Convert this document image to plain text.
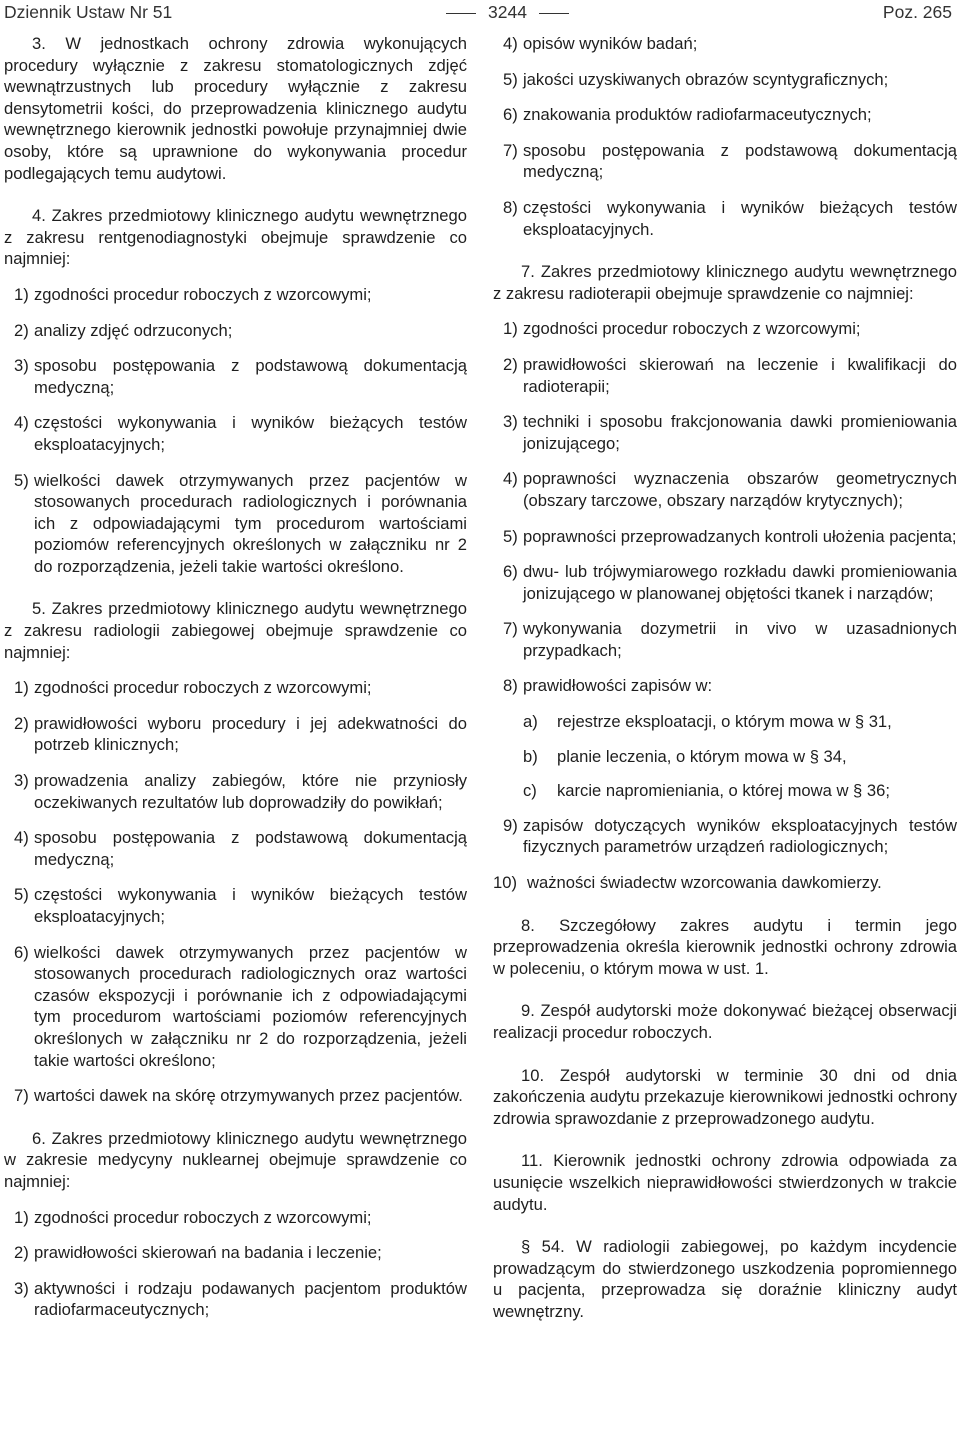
Dziennik Ustaw Nr 51	3244	Poz. 265

3. W jednostkach ochrony zdrowia wykonujących procedury wyłącznie z zakresu stomatologicznych zdjęć wewnątrzustnych lub procedury wyłącznie z zakresu densytometrii kości, do przeprowadzenia klinicznego audytu wewnętrznego kierownik jednostki powołuje przynajmniej dwie osoby, które są uprawnione do wykonywania procedur podlegających temu audytowi.

4. Zakres przedmiotowy klinicznego audytu wewnętrznego z zakresu rentgenodiagnostyki obejmuje sprawdzenie co najmniej:

1) zgodności procedur roboczych z wzorcowymi;
2) analizy zdjęć odrzuconych;
3) sposobu postępowania z podstawową dokumentacją medyczną;
4) częstości wykonywania i wyników bieżących testów eksploatacyjnych;
5) wielkości dawek otrzymywanych przez pacjentów w stosowanych procedurach radiologicznych i porównania ich z odpowiadającymi tym procedurom wartościami poziomów referencyjnych określonych w załączniku nr 2 do rozporządzenia, jeżeli takie wartości określono.

5. Zakres przedmiotowy klinicznego audytu wewnętrznego z zakresu radiologii zabiegowej obejmuje sprawdzenie co najmniej:

1) zgodności procedur roboczych z wzorcowymi;
2) prawidłowości wyboru procedury i jej adekwatności do potrzeb klinicznych;
3) prowadzenia analizy zabiegów, które nie przyniosły oczekiwanych rezultatów lub doprowadziły do powikłań;
4) sposobu postępowania z podstawową dokumentacją medyczną;
5) częstości wykonywania i wyników bieżących testów eksploatacyjnych;
6) wielkości dawek otrzymywanych przez pacjentów w stosowanych procedurach radiologicznych oraz wartości czasów ekspozycji i porównanie ich z odpowiadającymi tym procedurom wartościami poziomów referencyjnych określonych w załączniku nr 2 do rozporządzenia, jeżeli takie wartości określono;
7) wartości dawek na skórę otrzymywanych przez pacjentów.

6. Zakres przedmiotowy klinicznego audytu wewnętrznego w zakresie medycyny nuklearnej obejmuje sprawdzenie co najmniej:

1) zgodności procedur roboczych z wzorcowymi;
2) prawidłowości skierowań na badania i leczenie;
3) aktywności i rodzaju podawanych pacjentom produktów radiofarmaceutycznych;
4) opisów wyników badań;
5) jakości uzyskiwanych obrazów scyntygraficznych;
6) znakowania produktów radiofarmaceutycznych;
7) sposobu postępowania z podstawową dokumentacją medyczną;
8) częstości wykonywania i wyników bieżących testów eksploatacyjnych.

7. Zakres przedmiotowy klinicznego audytu wewnętrznego z zakresu radioterapii obejmuje sprawdzenie co najmniej:

1) zgodności procedur roboczych z wzorcowymi;
2) prawidłowości skierowań na leczenie i kwalifikacji do radioterapii;
3) techniki i sposobu frakcjonowania dawki promieniowania jonizującego;
4) poprawności wyznaczenia obszarów geometrycznych (obszary tarczowe, obszary narządów krytycznych);
5) poprawności przeprowadzanych kontroli ułożenia pacjenta;
6) dwu- lub trójwymiarowego rozkładu dawki promieniowania jonizującego w planowanej objętości tkanek i narządów;
7) wykonywania dozymetrii in vivo w uzasadnionych przypadkach;
8) prawidłowości zapisów w:
a) rejestrze eksploatacji, o którym mowa w § 31,
b) planie leczenia, o którym mowa w § 34,
c) karcie napromieniania, o której mowa w § 36;
9) zapisów dotyczących wyników eksploatacyjnych testów fizycznych parametrów urządzeń radiologicznych;
10) ważności świadectw wzorcowania dawkomierzy.

8. Szczegółowy zakres audytu i termin jego przeprowadzenia określa kierownik jednostki ochrony zdrowia w poleceniu, o którym mowa w ust. 1.

9. Zespół audytorski może dokonywać bieżącej obserwacji realizacji procedur roboczych.

10. Zespół audytorski w terminie 30 dni od dnia zakończenia audytu przekazuje kierownikowi jednostki ochrony zdrowia sprawozdanie z przeprowadzonego audytu.

11. Kierownik jednostki ochrony zdrowia odpowiada za usunięcie wszelkich nieprawidłowości stwierdzonych w trakcie audytu.

§ 54. W radiologii zabiegowej, po każdym incydencie prowadzącym do stwierdzonego uszkodzenia popromiennego u pacjenta, przeprowadza się doraźnie kliniczny audyt wewnętrzny.
